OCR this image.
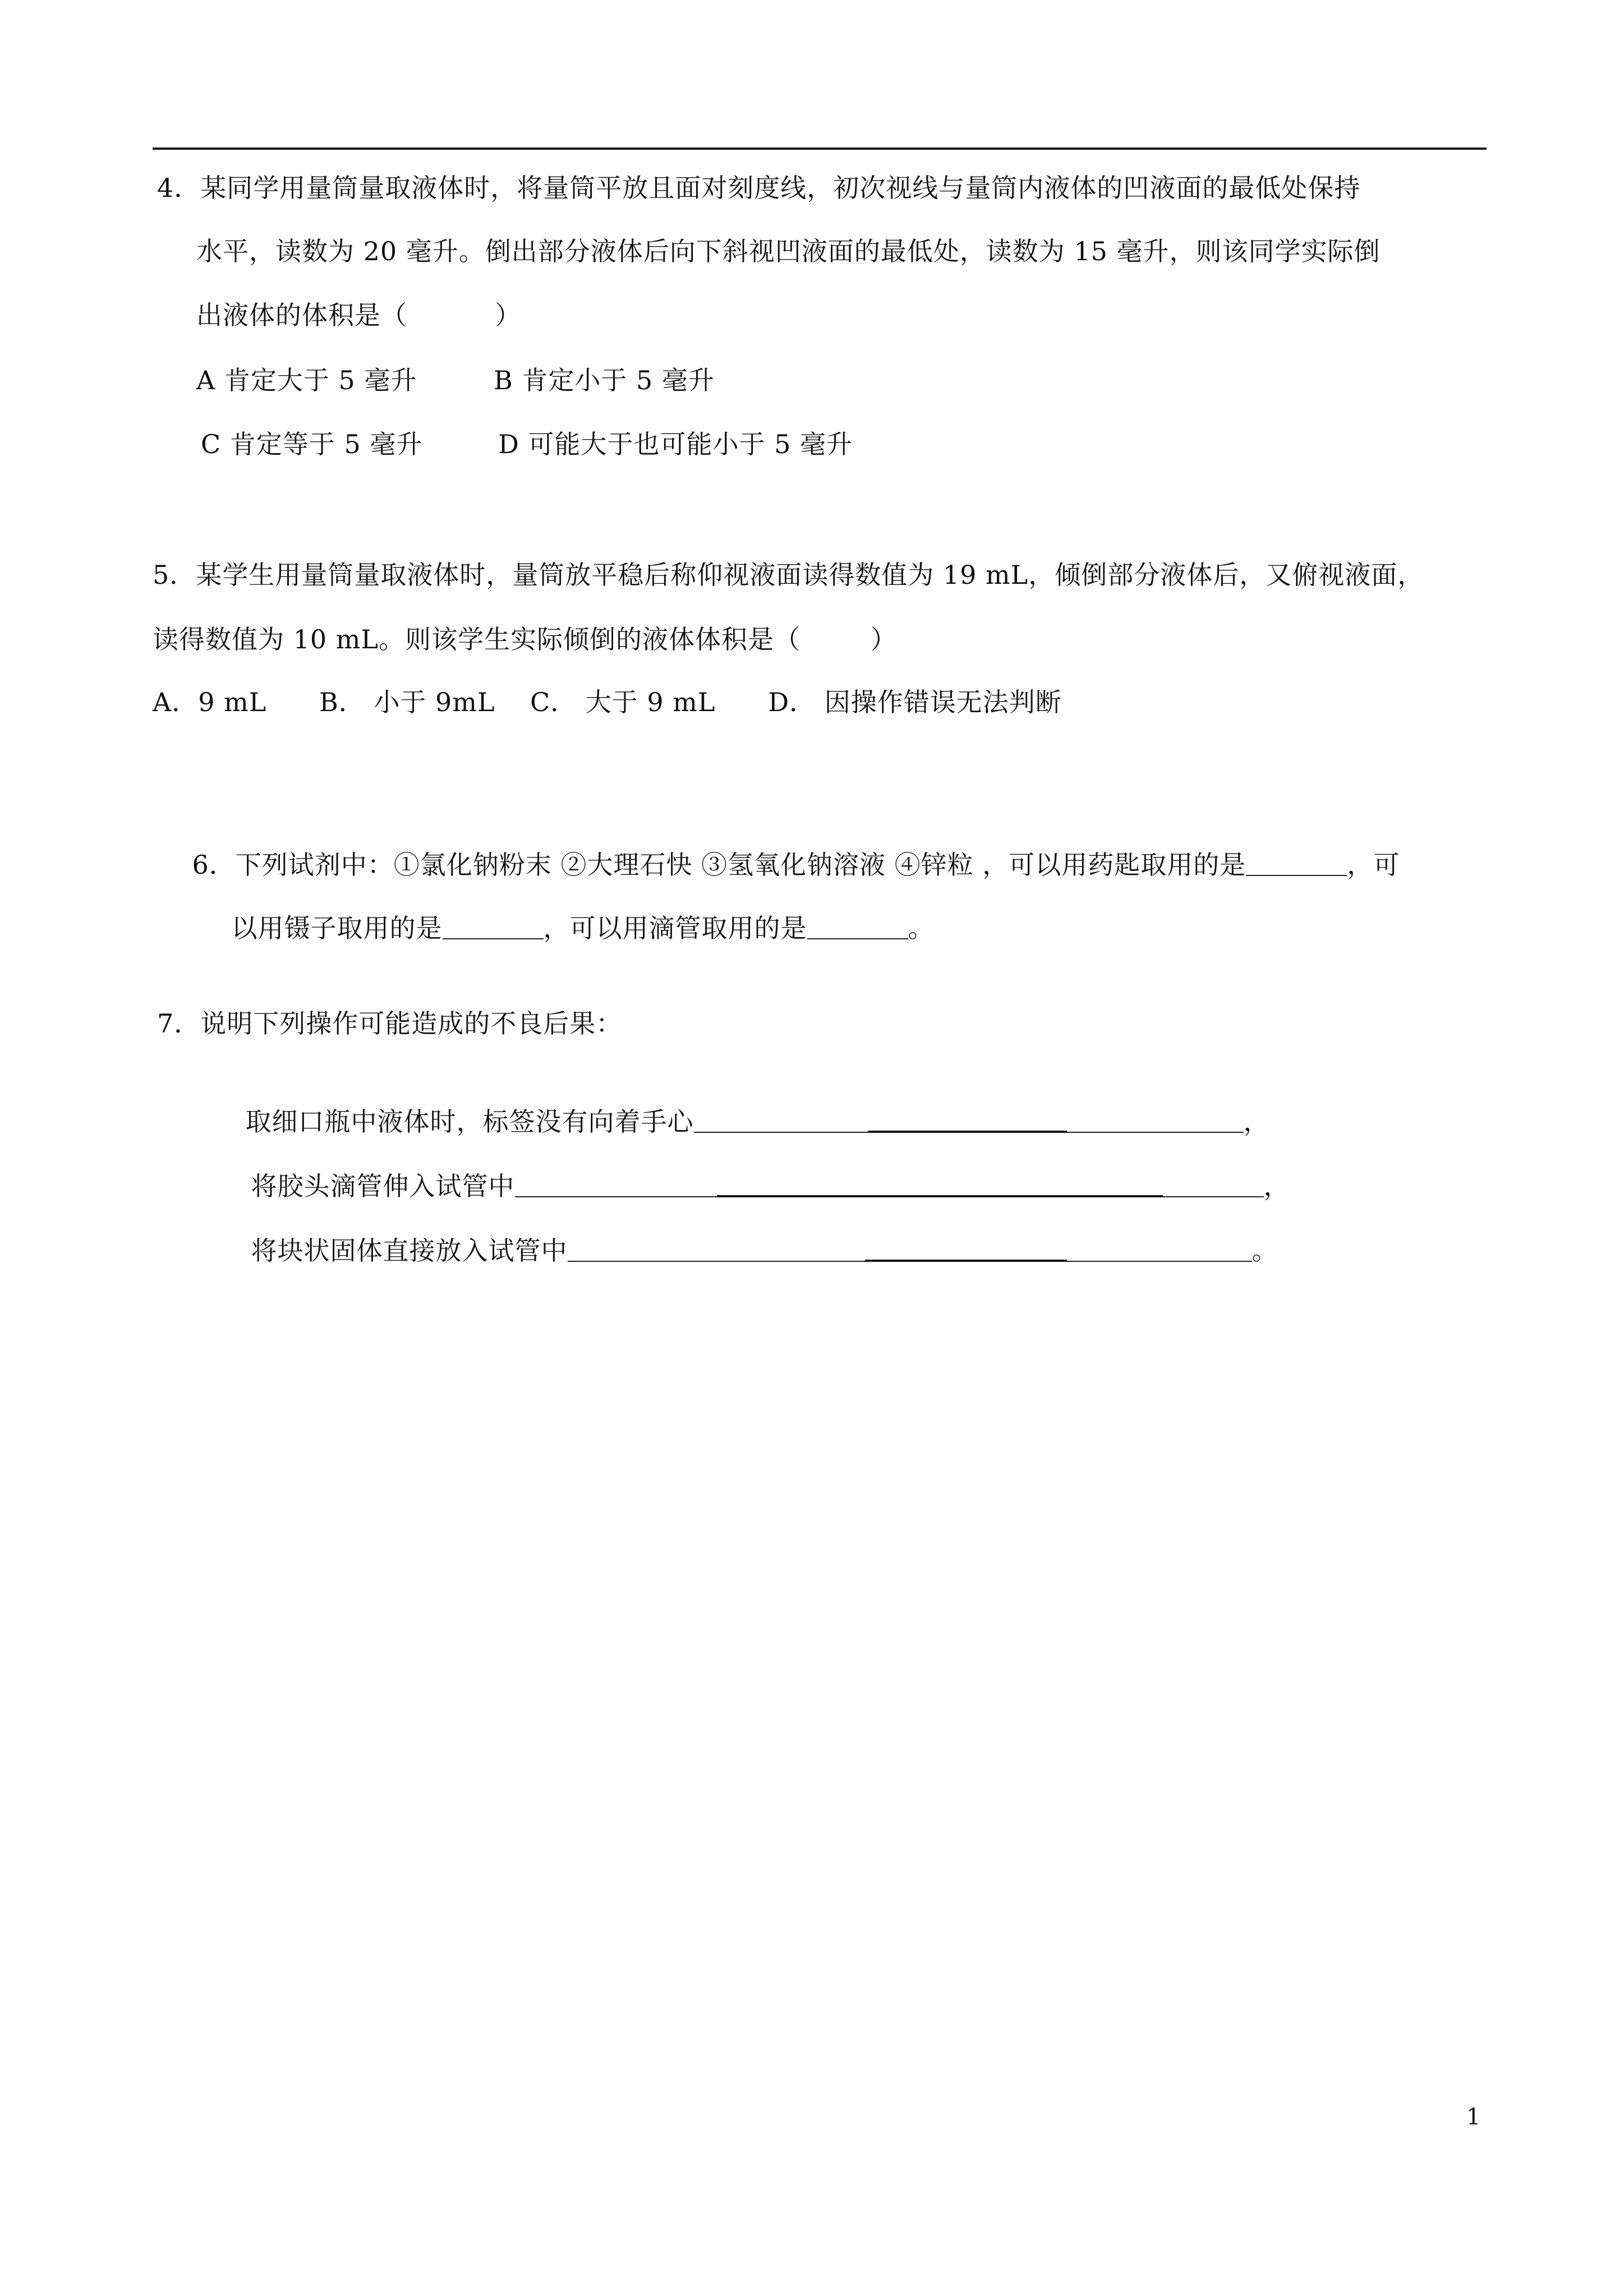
4．某同学用量筒量取液体时，将量筒平放且面对刻度线，初次视线与量筒内液体的凹液面的最低处保持
水平，读数为 20 毫升。倒出部分液体后向下斜视凹液面的最低处，读数为 15 毫升，则该同学实际倒
出液体的体积是（          ）
A 肯定大于 5 毫升	B 肯定小于 5 毫升
C 肯定等于 5 毫升	D 可能大于也可能小于 5 毫升
5．某学生用量筒量取液体时，量筒放平稳后称仰视液面读得数值为 19 mL，倾倒部分液体后，又俯视液面，
读得数值为 10 mL。则该学生实际倾倒的液体体积是（        ）
A．9 mL      B． 小于 9mL    C． 大于 9 mL      D． 因操作错误无法判断

6．下列试剂中：①氯化钠粉末 ②大理石快 ③氢氧化钠溶液 ④锌粒 ，可以用药匙取用的是	，可

以用镊子取用的是	，可以用滴管取用的是	。

7．说明下列操作可能造成的不良后果：

取细口瓶中液体时，标签没有向着手心	，

将胶头滴管伸入试管中	，

将块状固体直接放入试管中	。

1
